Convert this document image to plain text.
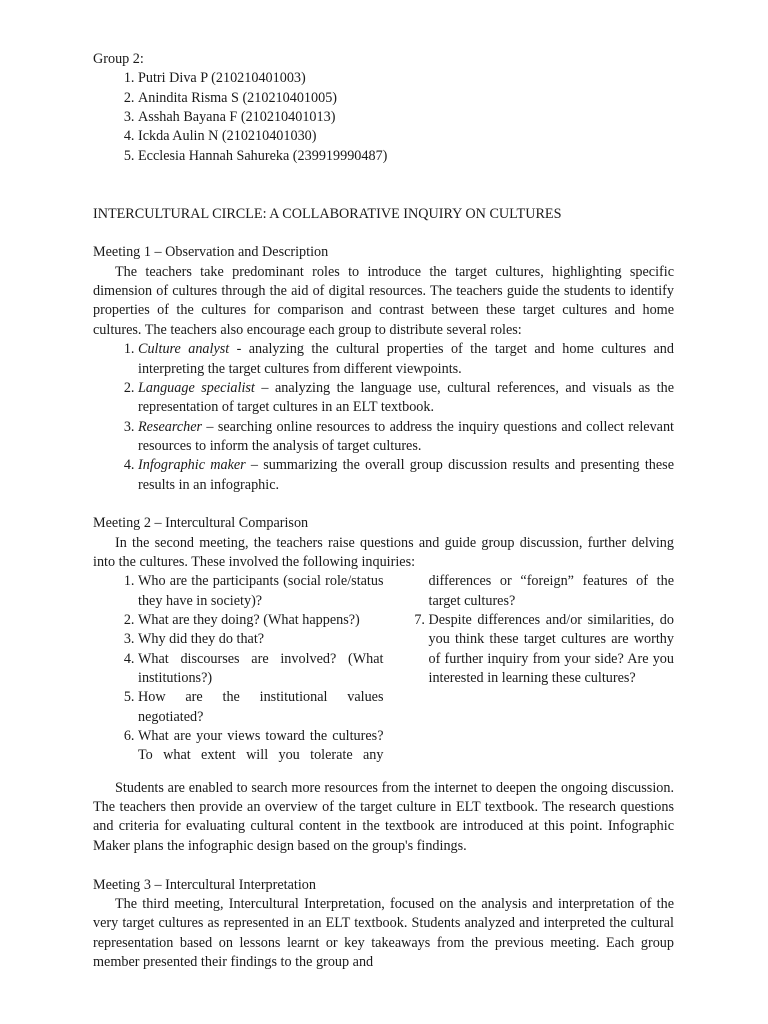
Group 2:

1. Putri Diva P (210210401003)
2. Anindita Risma S (210210401005)
3. Asshah Bayana F (210210401013)
4. Ickda Aulin N (210210401030)
5. Ecclesia Hannah Sahureka (239919990487)

INTERCULTURAL CIRCLE: A COLLABORATIVE INQUIRY ON CULTURES

Meeting 1 – Observation and Description

The teachers take predominant roles to introduce the target cultures, highlighting specific dimension of cultures through the aid of digital resources. The teachers guide the students to identify properties of the cultures for comparison and contrast between these target cultures and home cultures. The teachers also encourage each group to distribute several roles:

1. Culture analyst - analyzing the cultural properties of the target and home cultures and interpreting the target cultures from different viewpoints.
2. Language specialist – analyzing the language use, cultural references, and visuals as the representation of target cultures in an ELT textbook.
3. Researcher – searching online resources to address the inquiry questions and collect relevant resources to inform the analysis of target cultures.
4. Infographic maker – summarizing the overall group discussion results and presenting these results in an infographic.

Meeting 2 – Intercultural Comparison

In the second meeting, the teachers raise questions and guide group discussion, further delving into the cultures. These involved the following inquiries:

1. Who are the participants (social role/status they have in society)?
2. What are they doing? (What happens?)
3. Why did they do that?
4. What discourses are involved? (What institutions?)
5. How are the institutional values negotiated?
6. What are your views toward the cultures? To what extent will you tolerate any differences or “foreign” features of the target cultures?
7. Despite differences and/or similarities, do you think these target cultures are worthy of further inquiry from your side? Are you interested in learning these cultures?

Students are enabled to search more resources from the internet to deepen the ongoing discussion. The teachers then provide an overview of the target culture in ELT textbook. The research questions and criteria for evaluating cultural content in the textbook are introduced at this point. Infographic Maker plans the infographic design based on the group's findings.

Meeting 3 – Intercultural Interpretation

The third meeting, Intercultural Interpretation, focused on the analysis and interpretation of the very target cultures as represented in an ELT textbook. Students analyzed and interpreted the cultural representation based on lessons learnt or key takeaways from the previous meeting. Each group member presented their findings to the group and
